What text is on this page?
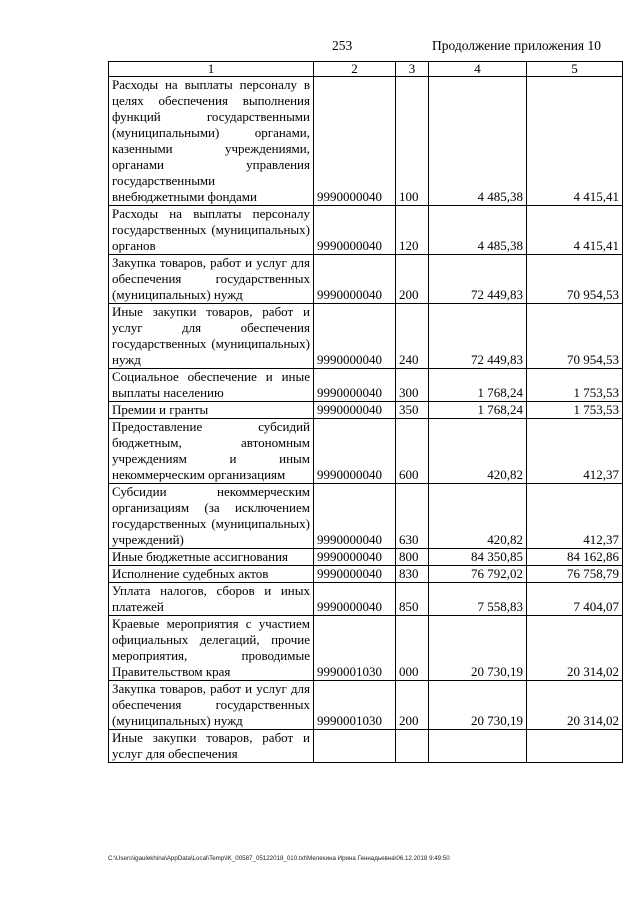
253	Продолжение приложения 10
1	2	3	4	5
Расходы на выплаты персоналу в целях обеспечения выполнения функций государственными (муниципальными) органами, казенными учреждениями, органами управления государственными внебюджетными фондами	9990000040	100	4 485,38	4 415,41
Расходы на выплаты персоналу государственных (муниципальных) органов	9990000040	120	4 485,38	4 415,41
Закупка товаров, работ и услуг для обеспечения государственных (муниципальных) нужд	9990000040	200	72 449,83	70 954,53
Иные закупки товаров, работ и услуг для обеспечения государственных (муниципальных) нужд	9990000040	240	72 449,83	70 954,53
Социальное обеспечение и иные выплаты населению	9990000040	300	1 768,24	1 753,53
Премии и гранты	9990000040	350	1 768,24	1 753,53
Предоставление субсидий бюджетным, автономным учреждениям и иным некоммерческим организациям	9990000040	600	420,82	412,37
Субсидии некоммерческим организациям (за исключением государственных (муниципальных) учреждений)	9990000040	630	420,82	412,37
Иные бюджетные ассигнования	9990000040	800	84 350,85	84 162,86
Исполнение судебных актов	9990000040	830	76 792,02	76 758,79
Уплата налогов, сборов и иных платежей	9990000040	850	7 558,83	7 404,07
Краевые мероприятия с участием официальных делегаций, прочие мероприятия, проводимые Правительством края	9990001030	000	20 730,19	20 314,02
Закупка товаров, работ и услуг для обеспечения государственных (муниципальных) нужд	9990001030	200	20 730,19	20 314,02
Иные закупки товаров, работ и услуг для обеспечения				
C:\Users\igaulekhina\AppData\Local\Temp\IK_00587_05122018_010.txt\Мелехина Ирина Геннадьевна\06.12.2018 9:49:50
